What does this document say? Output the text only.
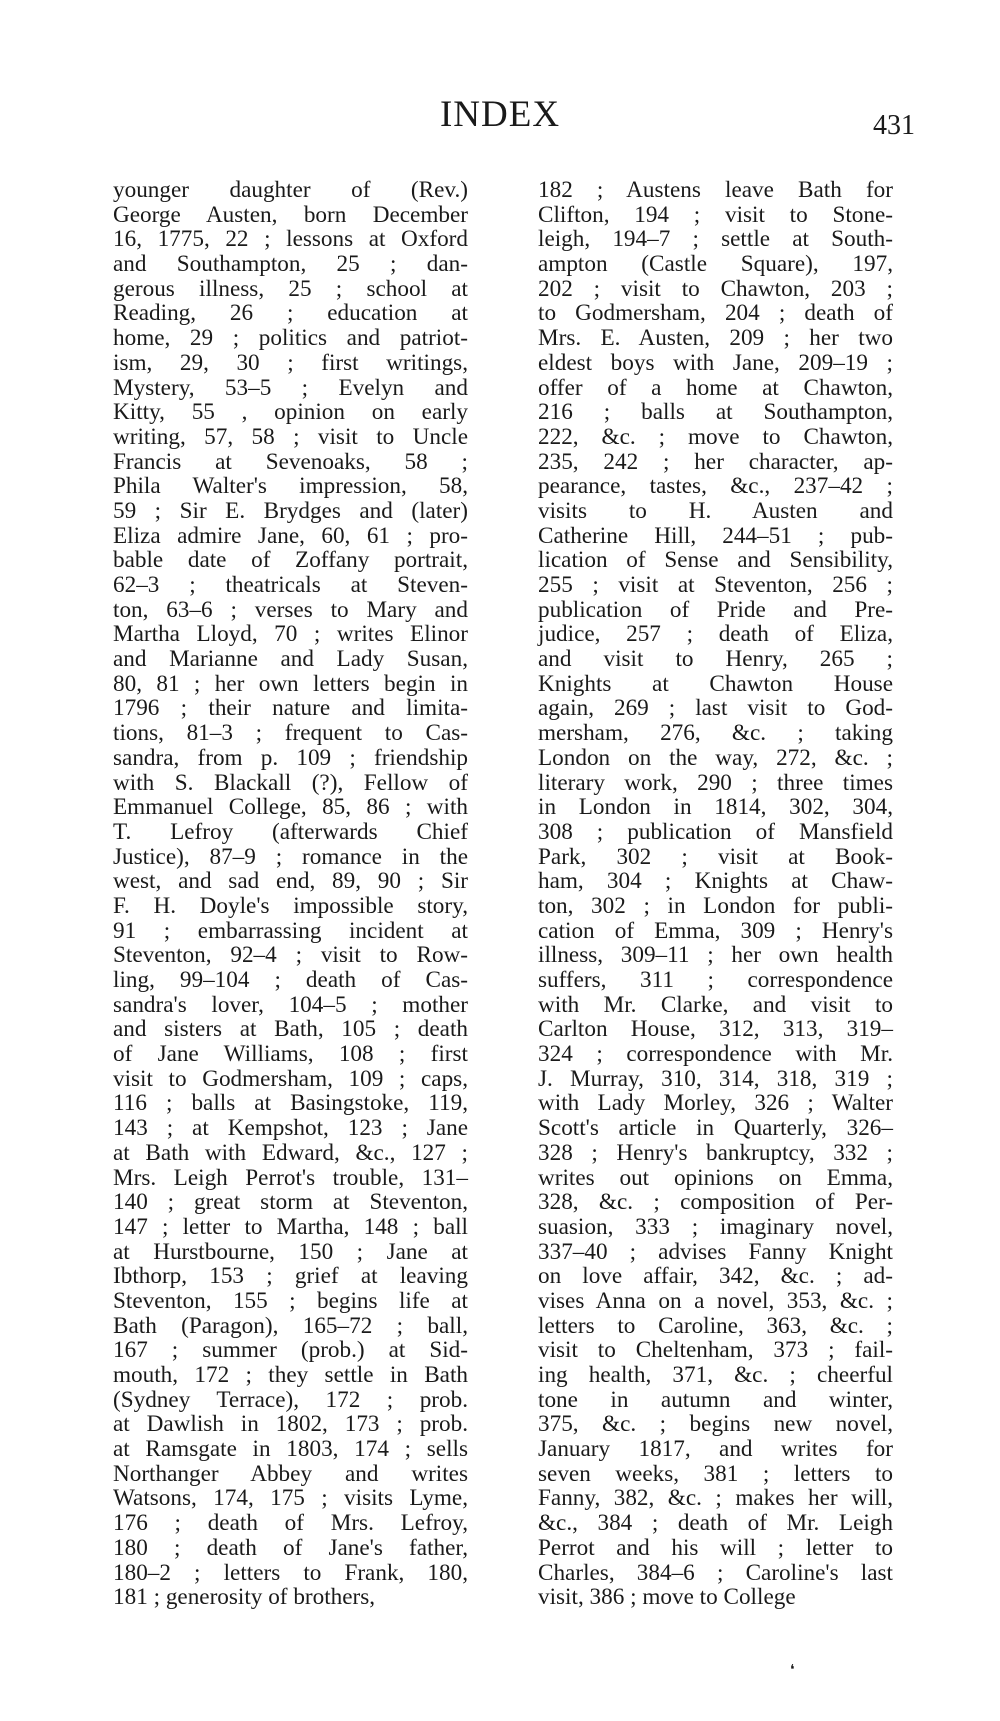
INDEX	431
younger daughter of (Rev.)
George Austen, born December
16, 1775, 22 ; lessons at Oxford
and Southampton, 25 ; dan-
gerous illness, 25 ; school at
Reading, 26 ; education at
home, 29 ; politics and patriot-
ism, 29, 30 ; first writings,
Mystery, 53–5 ; Evelyn and
Kitty, 55 , opinion on early
writing, 57, 58 ; visit to Uncle
Francis at Sevenoaks, 58 ;
Phila Walter's impression, 58,
59 ; Sir E. Brydges and (later)
Eliza admire Jane, 60, 61 ; pro-
bable date of Zoffany portrait,
62–3 ; theatricals at Steven-
ton, 63–6 ; verses to Mary and
Martha Lloyd, 70 ; writes Elinor
and Marianne and Lady Susan,
80, 81 ; her own letters begin in
1796 ; their nature and limita-
tions, 81–3 ; frequent to Cas-
sandra, from p. 109 ; friendship
with S. Blackall (?), Fellow of
Emmanuel College, 85, 86 ; with
T. Lefroy (afterwards Chief
Justice), 87–9 ; romance in the
west, and sad end, 89, 90 ; Sir
F. H. Doyle's impossible story,
91 ; embarrassing incident at
Steventon, 92–4 ; visit to Row-
ling, 99–104 ; death of Cas-
sandra's lover, 104–5 ; mother
and sisters at Bath, 105 ; death
of Jane Williams, 108 ; first
visit to Godmersham, 109 ; caps,
116 ; balls at Basingstoke, 119,
143 ; at Kempshot, 123 ; Jane
at Bath with Edward, &c., 127 ;
Mrs. Leigh Perrot's trouble, 131–
140 ; great storm at Steventon,
147 ; letter to Martha, 148 ; ball
at Hurstbourne, 150 ; Jane at
Ibthorp, 153 ; grief at leaving
Steventon, 155 ; begins life at
Bath (Paragon), 165–72 ; ball,
167 ; summer (prob.) at Sid-
mouth, 172 ; they settle in Bath
(Sydney Terrace), 172 ; prob.
at Dawlish in 1802, 173 ; prob.
at Ramsgate in 1803, 174 ; sells
Northanger Abbey and writes
Watsons, 174, 175 ; visits Lyme,
176 ; death of Mrs. Lefroy,
180 ; death of Jane's father,
180–2 ; letters to Frank, 180,
181 ; generosity of brothers,
182 ; Austens leave Bath for
Clifton, 194 ; visit to Stone-
leigh, 194–7 ; settle at South-
ampton (Castle Square), 197,
202 ; visit to Chawton, 203 ;
to Godmersham, 204 ; death of
Mrs. E. Austen, 209 ; her two
eldest boys with Jane, 209–19 ;
offer of a home at Chawton,
216 ; balls at Southampton,
222, &c. ; move to Chawton,
235, 242 ; her character, ap-
pearance, tastes, &c., 237–42 ;
visits to H. Austen and
Catherine Hill, 244–51 ; pub-
lication of Sense and Sensibility,
255 ; visit at Steventon, 256 ;
publication of Pride and Pre-
judice, 257 ; death of Eliza,
and visit to Henry, 265 ;
Knights at Chawton House
again, 269 ; last visit to God-
mersham, 276, &c. ; taking
London on the way, 272, &c. ;
literary work, 290 ; three times
in London in 1814, 302, 304,
308 ; publication of Mansfield
Park, 302 ; visit at Book-
ham, 304 ; Knights at Chaw-
ton, 302 ; in London for publi-
cation of Emma, 309 ; Henry's
illness, 309–11 ; her own health
suffers, 311 ; correspondence
with Mr. Clarke, and visit to
Carlton House, 312, 313, 319–
324 ; correspondence with Mr.
J. Murray, 310, 314, 318, 319 ;
with Lady Morley, 326 ; Walter
Scott's article in Quarterly, 326–
328 ; Henry's bankruptcy, 332 ;
writes out opinions on Emma,
328, &c. ; composition of Per-
suasion, 333 ; imaginary novel,
337–40 ; advises Fanny Knight
on love affair, 342, &c. ; ad-
vises Anna on a novel, 353, &c. ;
letters to Caroline, 363, &c. ;
visit to Cheltenham, 373 ; fail-
ing health, 371, &c. ; cheerful
tone in autumn and winter,
375, &c. ; begins new novel,
January 1817, and writes for
seven weeks, 381 ; letters to
Fanny, 382, &c. ; makes her will,
&c., 384 ; death of Mr. Leigh
Perrot and his will ; letter to
Charles, 384–6 ; Caroline's last
visit, 386 ; move to College
❛
